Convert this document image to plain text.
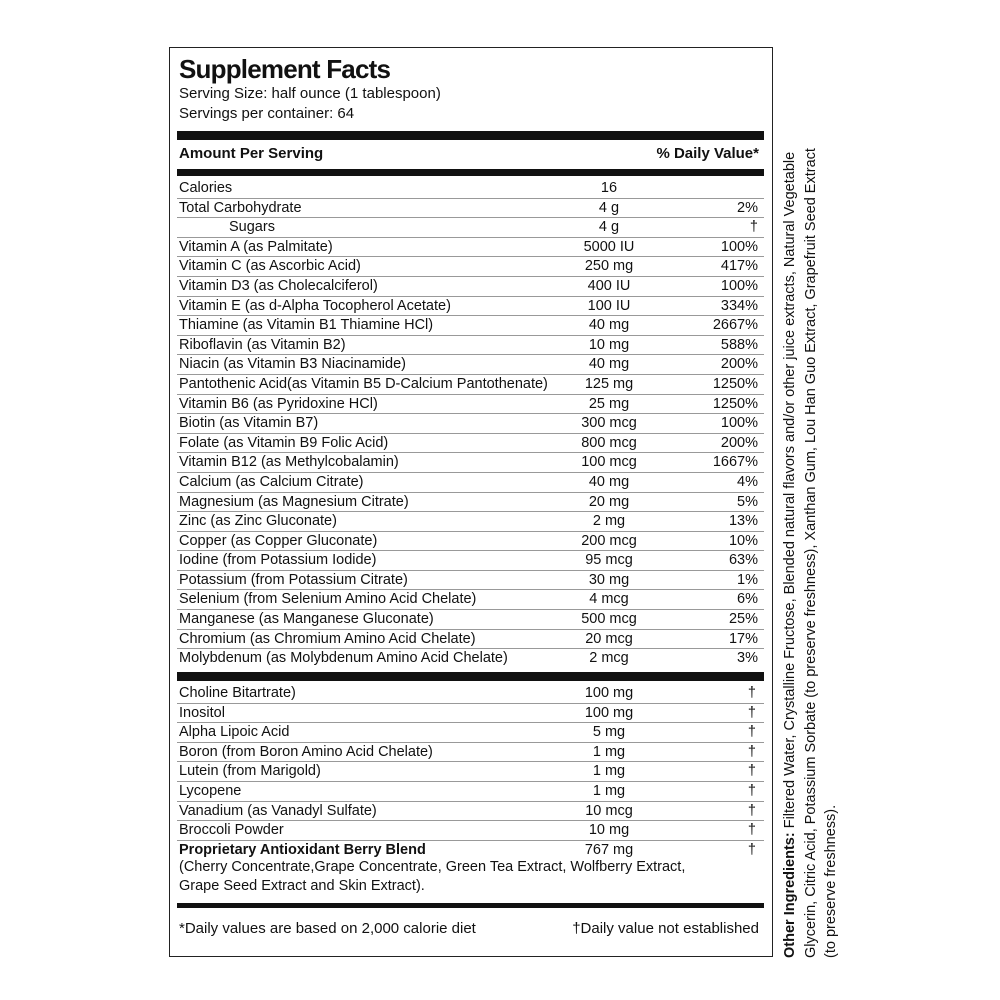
Supplement Facts
Serving Size: half ounce (1 tablespoon)
Servings per container: 64
Amount Per Serving	% Daily Value*
Calories	16
Total Carbohydrate	4 g	2%
Sugars	4 g	†
Vitamin A (as Palmitate)	5000 IU	100%
Vitamin C (as Ascorbic Acid)	250 mg	417%
Vitamin D3 (as Cholecalciferol)	400 IU	100%
Vitamin E (as d-Alpha Tocopherol Acetate)	100 IU	334%
Thiamine (as Vitamin B1 Thiamine HCl)	40 mg	2667%
Riboflavin (as Vitamin B2)	10 mg	588%
Niacin (as Vitamin B3 Niacinamide)	40 mg	200%
Pantothenic Acid(as Vitamin B5 D-Calcium Pantothenate)	125 mg	1250%
Vitamin B6 (as Pyridoxine HCl)	25 mg	1250%
Biotin (as Vitamin B7)	300 mcg	100%
Folate (as Vitamin B9 Folic Acid)	800 mcg	200%
Vitamin B12 (as Methylcobalamin)	100 mcg	1667%
Calcium (as Calcium Citrate)	40 mg	4%
Magnesium (as Magnesium Citrate)	20 mg	5%
Zinc (as Zinc Gluconate)	2 mg	13%
Copper (as Copper Gluconate)	200 mcg	10%
Iodine (from Potassium Iodide)	95 mcg	63%
Potassium (from Potassium Citrate)	30 mg	1%
Selenium (from Selenium Amino Acid Chelate)	4 mcg	6%
Manganese (as Manganese Gluconate)	500 mcg	25%
Chromium (as Chromium Amino Acid Chelate)	20 mcg	17%
Molybdenum (as Molybdenum Amino Acid Chelate)	2 mcg	3%
Choline Bitartrate)	100 mg	†
Inositol	100 mg	†
Alpha Lipoic Acid	5 mg	†
Boron (from Boron Amino Acid Chelate)	1 mg	†
Lutein (from Marigold)	1 mg	†
Lycopene	1 mg	†
Vanadium (as Vanadyl Sulfate)	10 mcg	†
Broccoli Powder	10 mg	†
Proprietary Antioxidant Berry Blend	767 mg	†
(Cherry Concentrate,Grape Concentrate, Green Tea Extract, Wolfberry Extract,
Grape Seed Extract and Skin Extract).
*Daily values are based on 2,000 calorie diet	†Daily value not established Other Ingredients: Filtered Water, Crystalline Fructose, Blended natural flavors and/or other juice extracts, Natural Vegetable Glycerin, Citric Acid, Potassium Sorbate (to preserve freshness), Xanthan Gum, Lou Han Guo Extract, Grapefruit Seed Extract (to preserve freshness).
